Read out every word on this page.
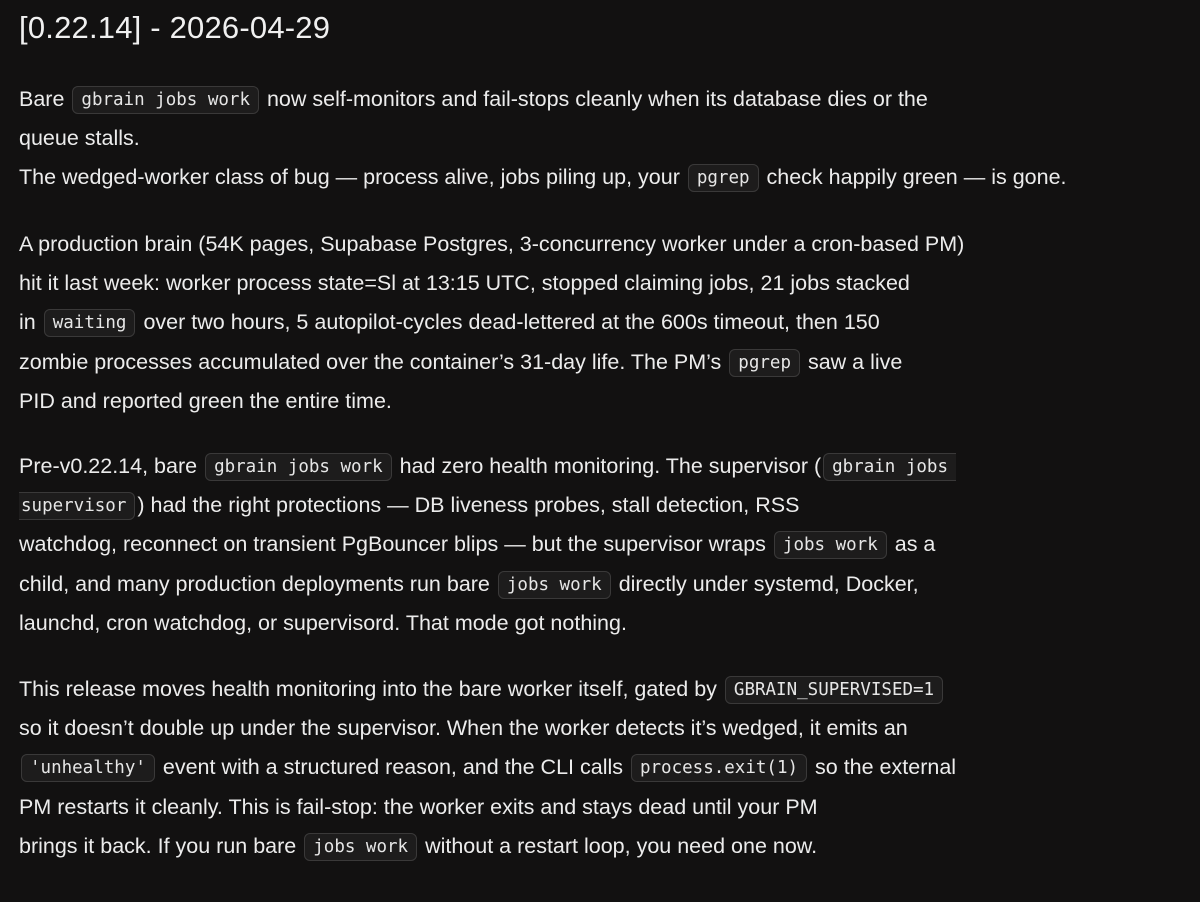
[0.22.14] - 2026-04-29
Bare gbrain jobs work now self-monitors and fail-stops cleanly when its database dies or the
queue stalls.
The wedged-worker class of bug — process alive, jobs piling up, your pgrep check happily green — is gone.
A production brain (54K pages, Supabase Postgres, 3-concurrency worker under a cron-based PM)
hit it last week: worker process state=Sl at 13:15 UTC, stopped claiming jobs, 21 jobs stacked
in waiting over two hours, 5 autopilot-cycles dead-lettered at the 600s timeout, then 150
zombie processes accumulated over the container’s 31-day life. The PM’s pgrep saw a live
PID and reported green the entire time.
Pre-v0.22.14, bare gbrain jobs work had zero health monitoring. The supervisor ( gbrain jobs
supervisor ) had the right protections — DB liveness probes, stall detection, RSS
watchdog, reconnect on transient PgBouncer blips — but the supervisor wraps jobs work as a
child, and many production deployments run bare jobs work directly under systemd, Docker,
launchd, cron watchdog, or supervisord. That mode got nothing.
This release moves health monitoring into the bare worker itself, gated by GBRAIN_SUPERVISED=1
so it doesn’t double up under the supervisor. When the worker detects it’s wedged, it emits an
'unhealthy' event with a structured reason, and the CLI calls process.exit(1) so the external
PM restarts it cleanly. This is fail-stop: the worker exits and stays dead until your PM
brings it back. If you run bare jobs work without a restart loop, you need one now.
